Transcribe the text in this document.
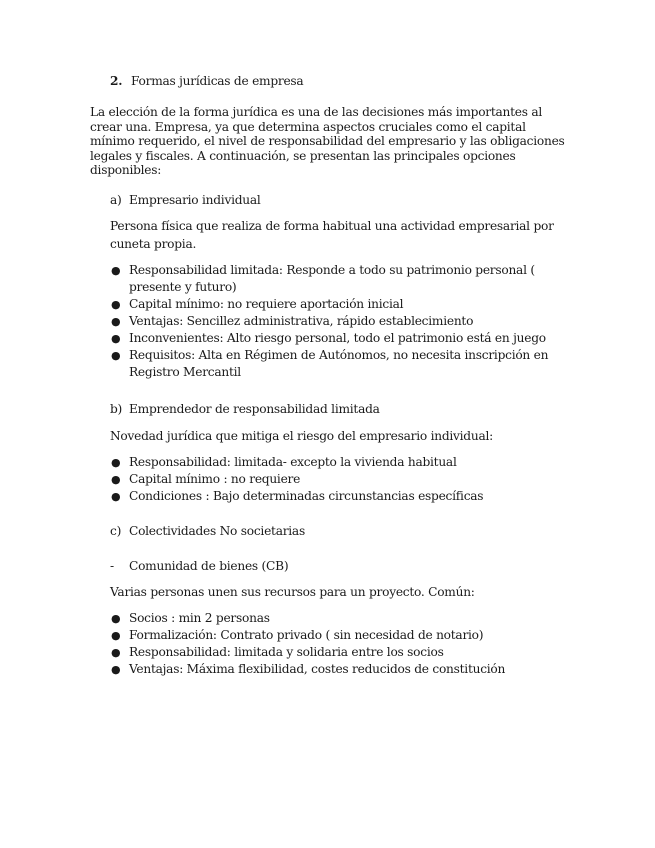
2. Formas jurídicas de empresa
La elección de la forma jurídica es una de las decisiones más importantes al crear una. Empresa, ya que determina aspectos cruciales como el capital mínimo requerido, el nivel de responsabilidad del empresario y las obligaciones legales y fiscales. A continuación, se presentan las principales opciones disponibles:
a) Empresario individual
Persona física que realiza de forma habitual una actividad empresarial por cuneta propia.
● Responsabilidad limitada: Responde a todo su patrimonio personal ( presente y futuro)
● Capital mínimo: no requiere aportación inicial
● Ventajas: Sencillez administrativa, rápido establecimiento
● Inconvenientes: Alto riesgo personal, todo el patrimonio está en juego
● Requisitos: Alta en Régimen de Autónomos, no necesita inscripción en Registro Mercantil
b) Emprendedor de responsabilidad limitada
Novedad jurídica que mitiga el riesgo del empresario individual:
● Responsabilidad: limitada- excepto la vivienda habitual
● Capital mínimo : no requiere
● Condiciones : Bajo determinadas circunstancias específicas
c) Colectividades No societarias
- Comunidad de bienes (CB)
Varias personas unen sus recursos para un proyecto. Común:
● Socios : min 2 personas
● Formalización: Contrato privado ( sin necesidad de notario)
● Responsabilidad: limitada y solidaria entre los socios
● Ventajas: Máxima flexibilidad, costes reducidos de constitución
